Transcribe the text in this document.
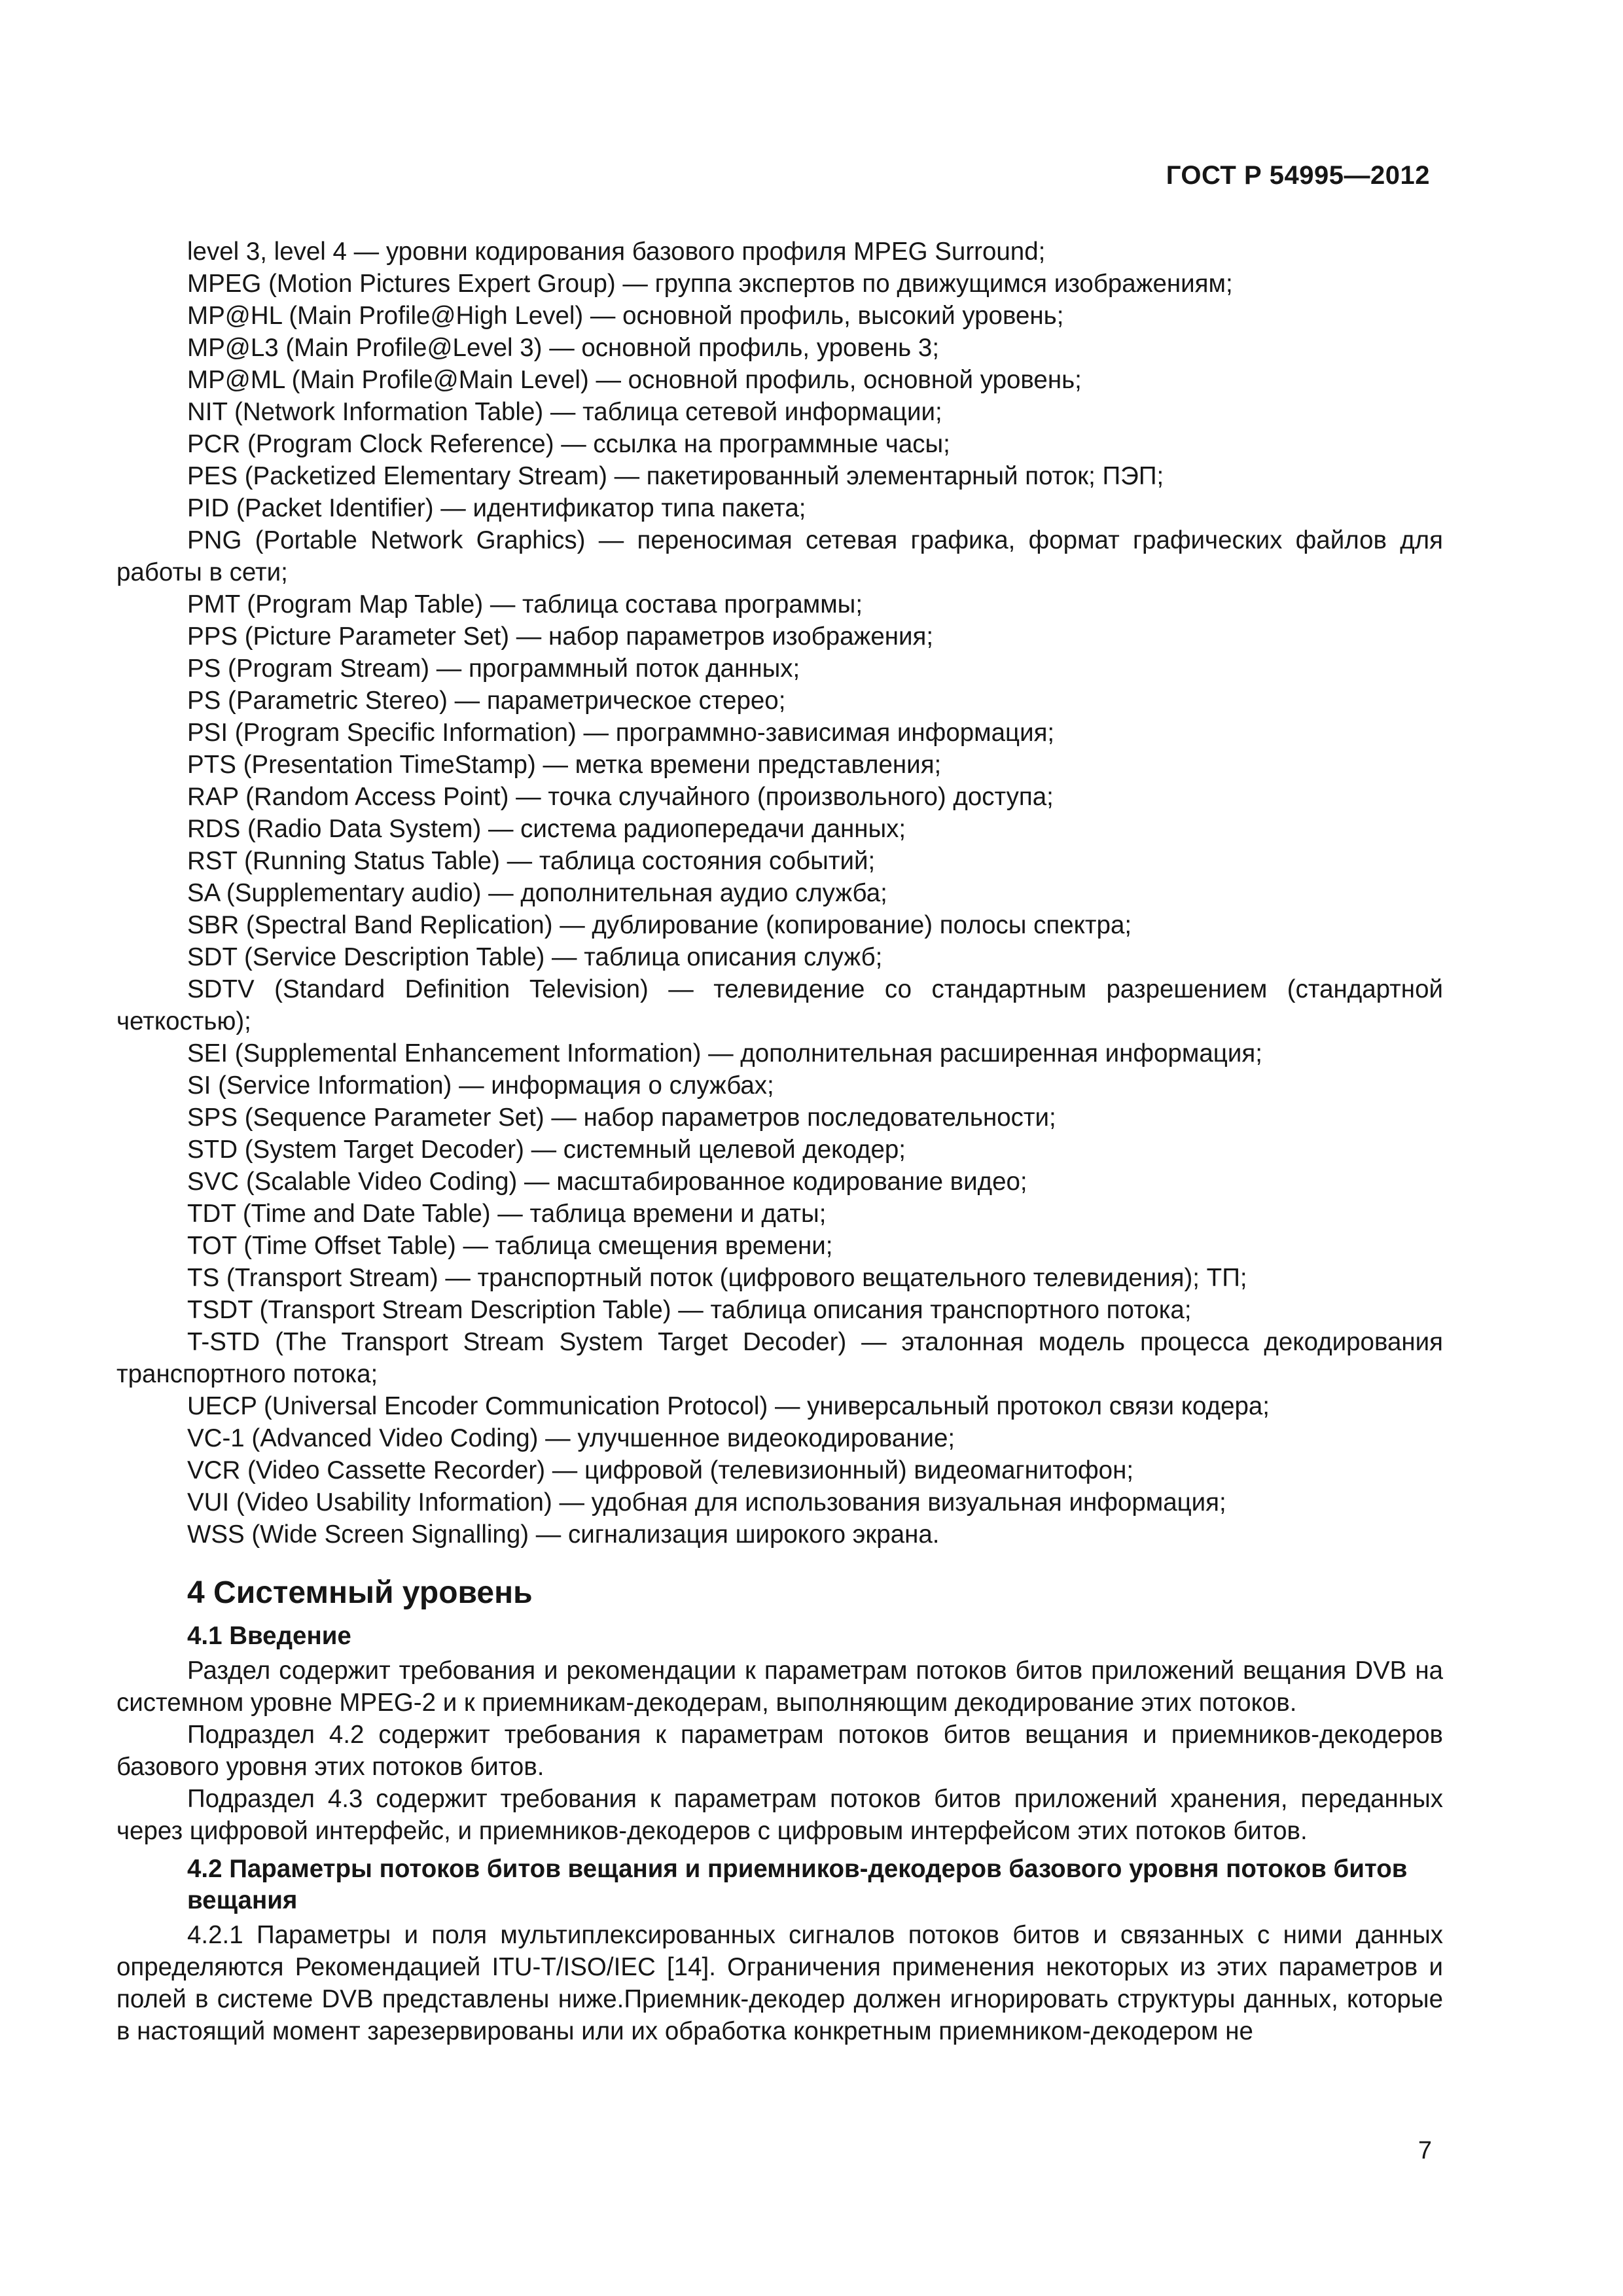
ГОСТ Р 54995—2012

level 3, level 4 — уровни кодирования базового профиля MPEG Surround;

MPEG (Motion Pictures Expert Group) — группа экспертов по движущимся изображениям;

MP@HL (Main Profile@High Level) — основной профиль, высокий уровень;

MP@L3 (Main Profile@Level 3) — основной профиль, уровень 3;

MP@ML (Main Profile@Main Level) — основной профиль, основной уровень;

NIT (Network Information Table) — таблица сетевой информации;

PCR (Program Clock Reference) — ссылка на программные часы;

PES (Packetized Elementary Stream) — пакетированный элементарный поток; ПЭП;

PID (Packet Identifier) — идентификатор типа пакета;

PNG (Portable Network Graphics) — переносимая сетевая графика, формат графических файлов для работы в сети;

PMT (Program Map Table) — таблица состава программы;

PPS (Picture Parameter Set) — набор параметров изображения;

PS (Program Stream) — программный поток данных;

PS (Parametric Stereo) — параметрическое стерео;

PSI (Program Specific Information) — программно-зависимая информация;

PTS (Presentation TimeStamp) — метка времени представления;

RAP (Random Access Point) — точка случайного (произвольного) доступа;

RDS (Radio Data System) — система радиопередачи данных;

RST (Running Status Table) — таблица состояния событий;

SA (Supplementary audio) — дополнительная аудио служба;

SBR (Spectral Band Replication) — дублирование (копирование) полосы спектра;

SDT (Service Description Table) — таблица описания служб;

SDTV (Standard Definition Television) — телевидение со стандартным разрешением (стандартной четкостью);

SEI (Supplemental Enhancement Information) — дополнительная расширенная информация;

SI (Service Information) — информация о службах;

SPS (Sequence Parameter Set) — набор параметров последовательности;

STD (System Target Decoder) — системный целевой декодер;

SVC (Scalable Video Coding) — масштабированное кодирование видео;

TDT (Time and Date Table) — таблица времени и даты;

TOT (Time Offset Table) — таблица смещения времени;

TS (Transport Stream) — транспортный поток (цифрового вещательного телевидения); ТП;

TSDT (Transport Stream Description Table) — таблица описания транспортного потока;

T-STD (The Transport Stream System Target Decoder) — эталонная модель процесса декодирования транспортного потока;

UECP (Universal Encoder Communication Protocol) — универсальный протокол связи кодера;

VC-1 (Advanced Video Coding) — улучшенное видеокодирование;

VCR (Video Cassette Recorder) — цифровой (телевизионный) видеомагнитофон;

VUI (Video Usability Information) — удобная для использования визуальная информация;

WSS (Wide Screen Signalling) — сигнализация широкого экрана.

4 Системный уровень
4.1 Введение

Раздел содержит требования и рекомендации к параметрам потоков битов приложений вещания DVB на системном уровне MPEG-2 и к приемникам-декодерам, выполняющим декодирование этих потоков.

Подраздел 4.2 содержит требования к параметрам потоков битов вещания и приемников-декодеров базового уровня этих потоков битов.

Подраздел 4.3 содержит требования к параметрам потоков битов приложений хранения, переданных через цифровой интерфейс, и приемников-декодеров с цифровым интерфейсом этих потоков битов.

4.2 Параметры потоков битов вещания и приемников-декодеров базового уровня потоков битов вещания

4.2.1 Параметры и поля мультиплексированных сигналов потоков битов и связанных с ними данных определяются Рекомендацией ITU-T/ISO/IEC [14]. Ограничения применения некоторых из этих параметров и полей в системе DVB представлены ниже.Приемник-декодер должен игнорировать структуры данных, которые в настоящий момент зарезервированы или их обработка конкретным приемником-декодером не

7
